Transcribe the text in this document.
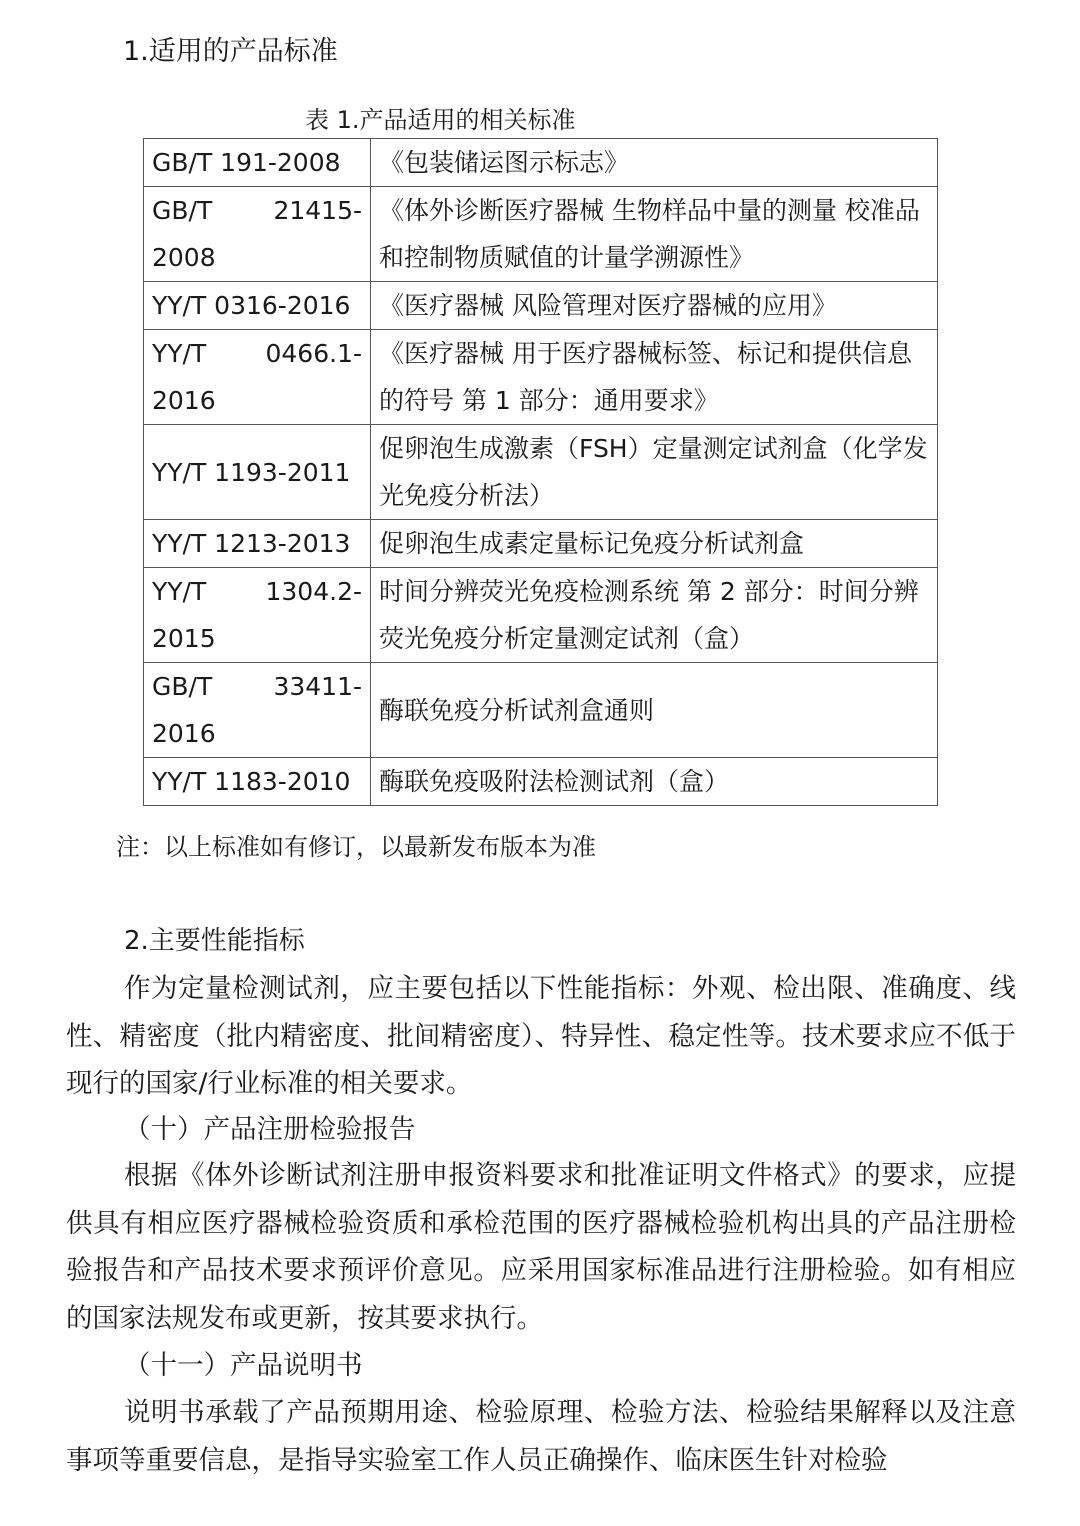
1.适用的产品标准
表 1.产品适用的相关标准
GB/T 191-2008	《包装储运图示标志》
GB/T 21415-2008	《体外诊断医疗器械 生物样品中量的测量 校准品和控制物质赋值的计量学溯源性》
YY/T 0316-2016	《医疗器械 风险管理对医疗器械的应用》
YY/T 0466.1-2016	《医疗器械 用于医疗器械标签、标记和提供信息的符号 第 1 部分：通用要求》
YY/T 1193-2011	促卵泡生成激素（FSH）定量测定试剂盒（化学发光免疫分析法）
YY/T 1213-2013	促卵泡生成素定量标记免疫分析试剂盒
YY/T 1304.2-2015	时间分辨荧光免疫检测系统 第 2 部分：时间分辨荧光免疫分析定量测定试剂（盒）
GB/T 33411-2016	酶联免疫分析试剂盒通则
YY/T 1183-2010	酶联免疫吸附法检测试剂（盒）
注：以上标准如有修订，以最新发布版本为准
2.主要性能指标

作为定量检测试剂，应主要包括以下性能指标：外观、检出限、准确度、线性、精密度（批内精密度、批间精密度）、特异性、稳定性等。技术要求应不低于现行的国家/行业标准的相关要求。

（十）产品注册检验报告

根据《体外诊断试剂注册申报资料要求和批准证明文件格式》的要求，应提供具有相应医疗器械检验资质和承检范围的医疗器械检验机构出具的产品注册检验报告和产品技术要求预评价意见。应采用国家标准品进行注册检验。如有相应的国家法规发布或更新，按其要求执行。

（十一）产品说明书

说明书承载了产品预期用途、检验原理、检验方法、检验结果解释以及注意事项等重要信息，是指导实验室工作人员正确操作、临床医生针对检验
